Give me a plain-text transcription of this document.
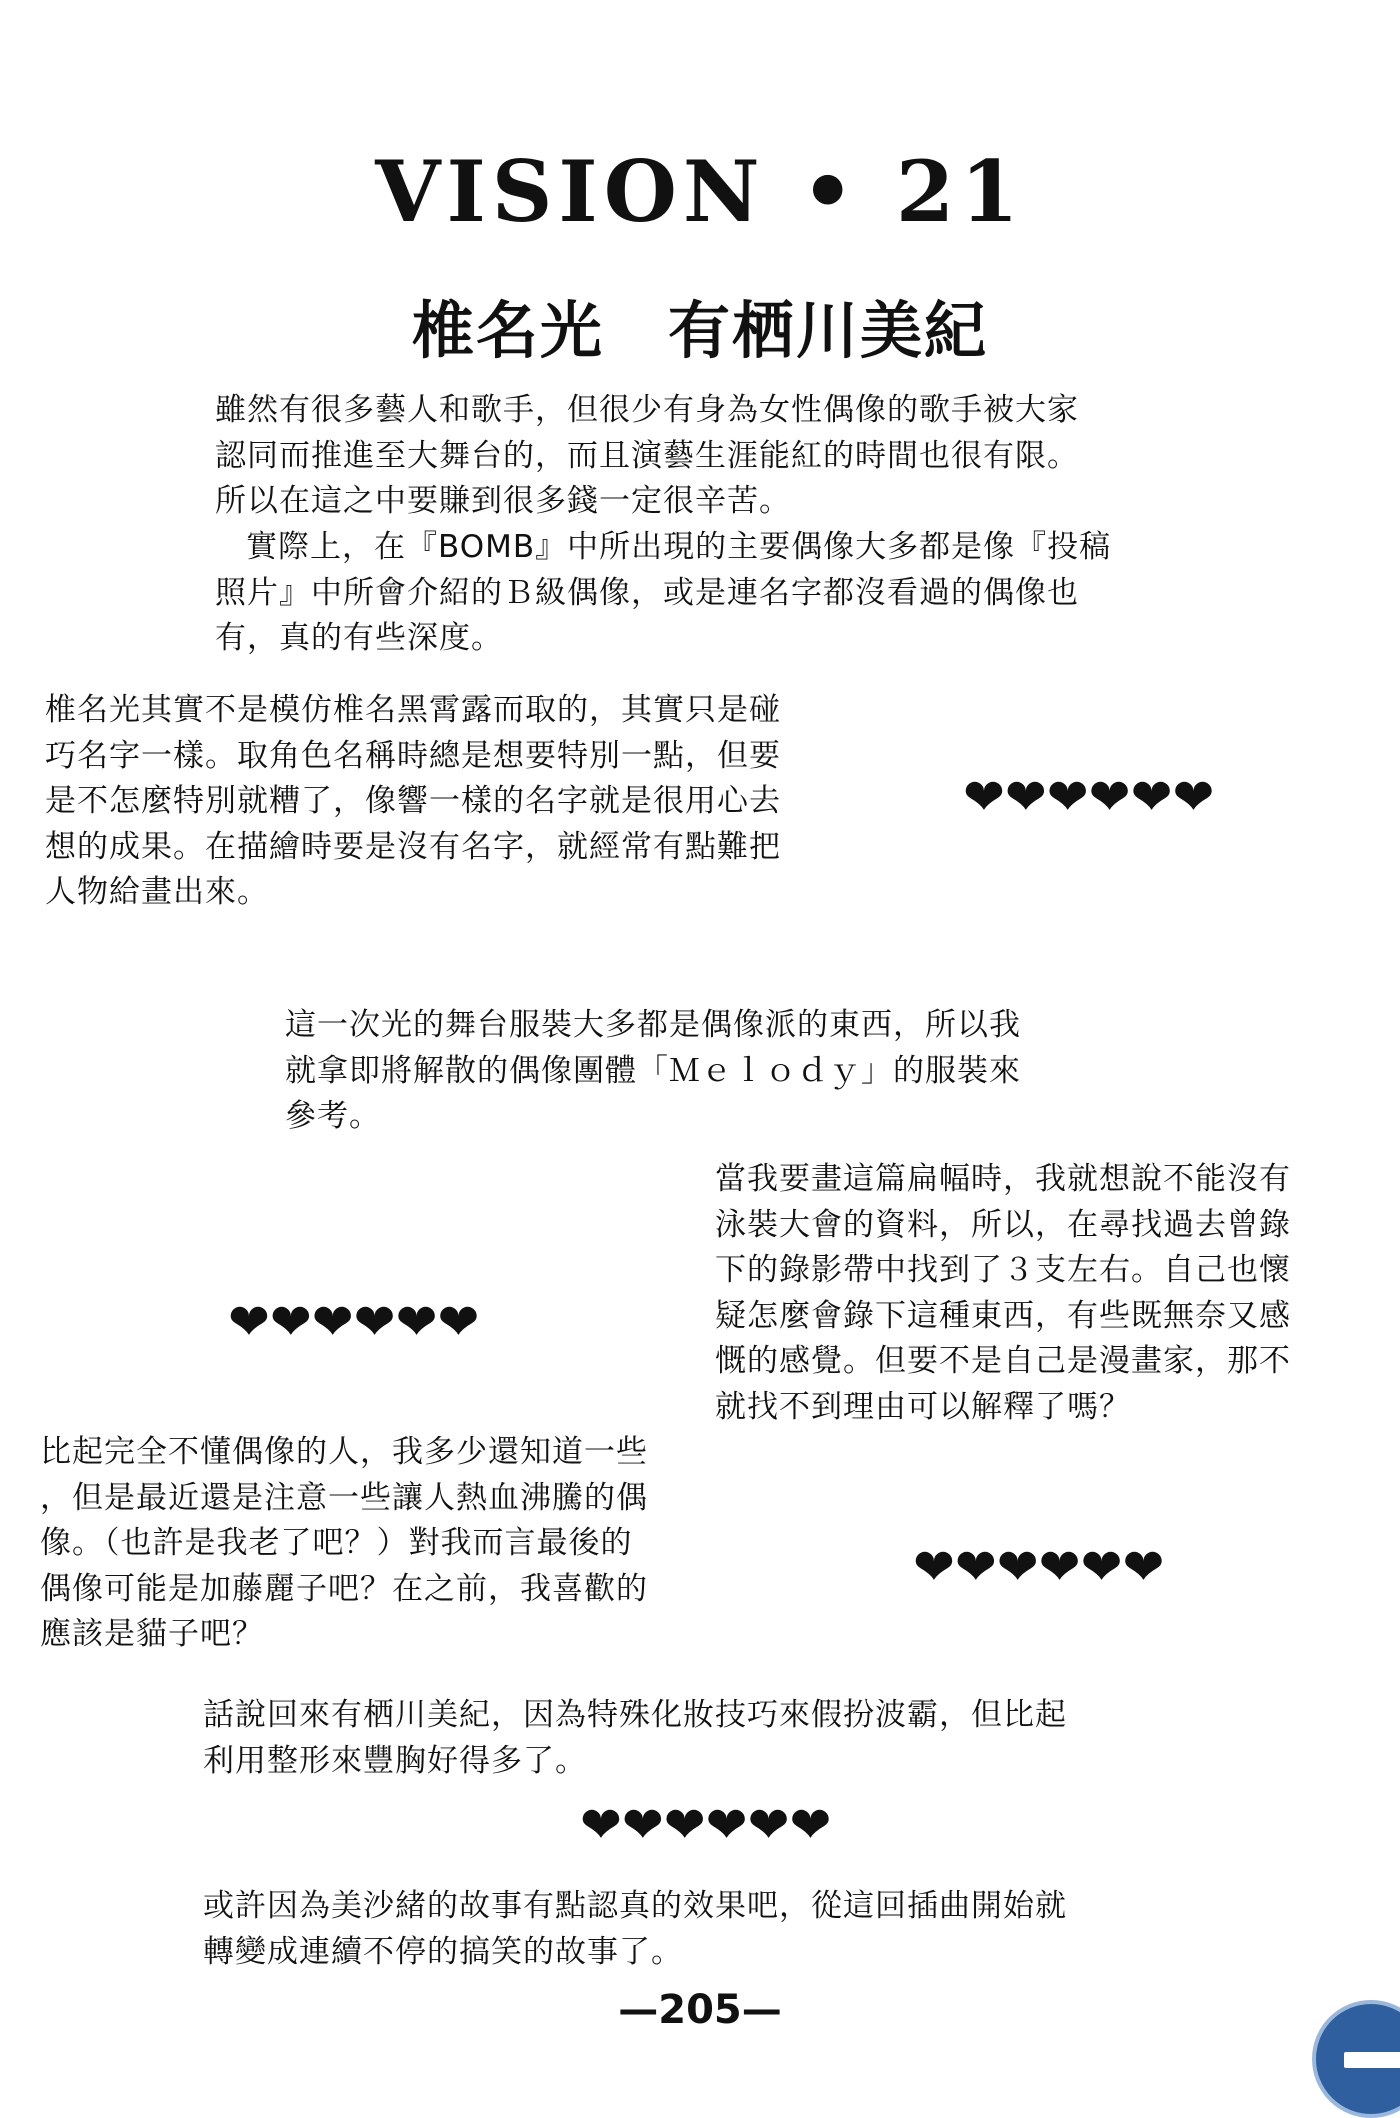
VISION • 21
椎名光　有栖川美紀

雖然有很多藝人和歌手，但很少有身為女性偶像的歌手被大家
認同而推進至大舞台的，而且演藝生涯能紅的時間也很有限。
所以在這之中要賺到很多錢一定很辛苦。

實際上，在『BOMB』中所出現的主要偶像大多都是像『投稿
照片』中所會介紹的Ｂ級偶像，或是連名字都沒看過的偶像也
有，真的有些深度。

椎名光其實不是模仿椎名黑霄露而取的，其實只是碰
巧名字一樣。取角色名稱時總是想要特別一點，但要
是不怎麼特別就糟了，像響一樣的名字就是很用心去
想的成果。在描繪時要是沒有名字，就經常有點難把
人物給畫出來。

❤❤❤❤❤❤

這一次光的舞台服裝大多都是偶像派的東西，所以我
就拿即將解散的偶像團體「Ｍｅｌｏｄｙ」的服裝來
參考。

當我要畫這篇扁幅時，我就想說不能沒有
泳裝大會的資料，所以，在尋找過去曾錄
下的錄影帶中找到了３支左右。自己也懷
疑怎麼會錄下這種東西，有些既無奈又感
慨的感覺。但要不是自己是漫畫家，那不
就找不到理由可以解釋了嗎？

❤❤❤❤❤❤

比起完全不懂偶像的人，我多少還知道一些
，但是最近還是注意一些讓人熱血沸騰的偶
像。（也許是我老了吧？）對我而言最後的
偶像可能是加藤麗子吧？在之前，我喜歡的
應該是貓子吧？

❤❤❤❤❤❤

話說回來有栖川美紀，因為特殊化妝技巧來假扮波霸，但比起
利用整形來豐胸好得多了。

❤❤❤❤❤❤

或許因為美沙緒的故事有點認真的效果吧，從這回插曲開始就
轉變成連續不停的搞笑的故事了。

—205—
